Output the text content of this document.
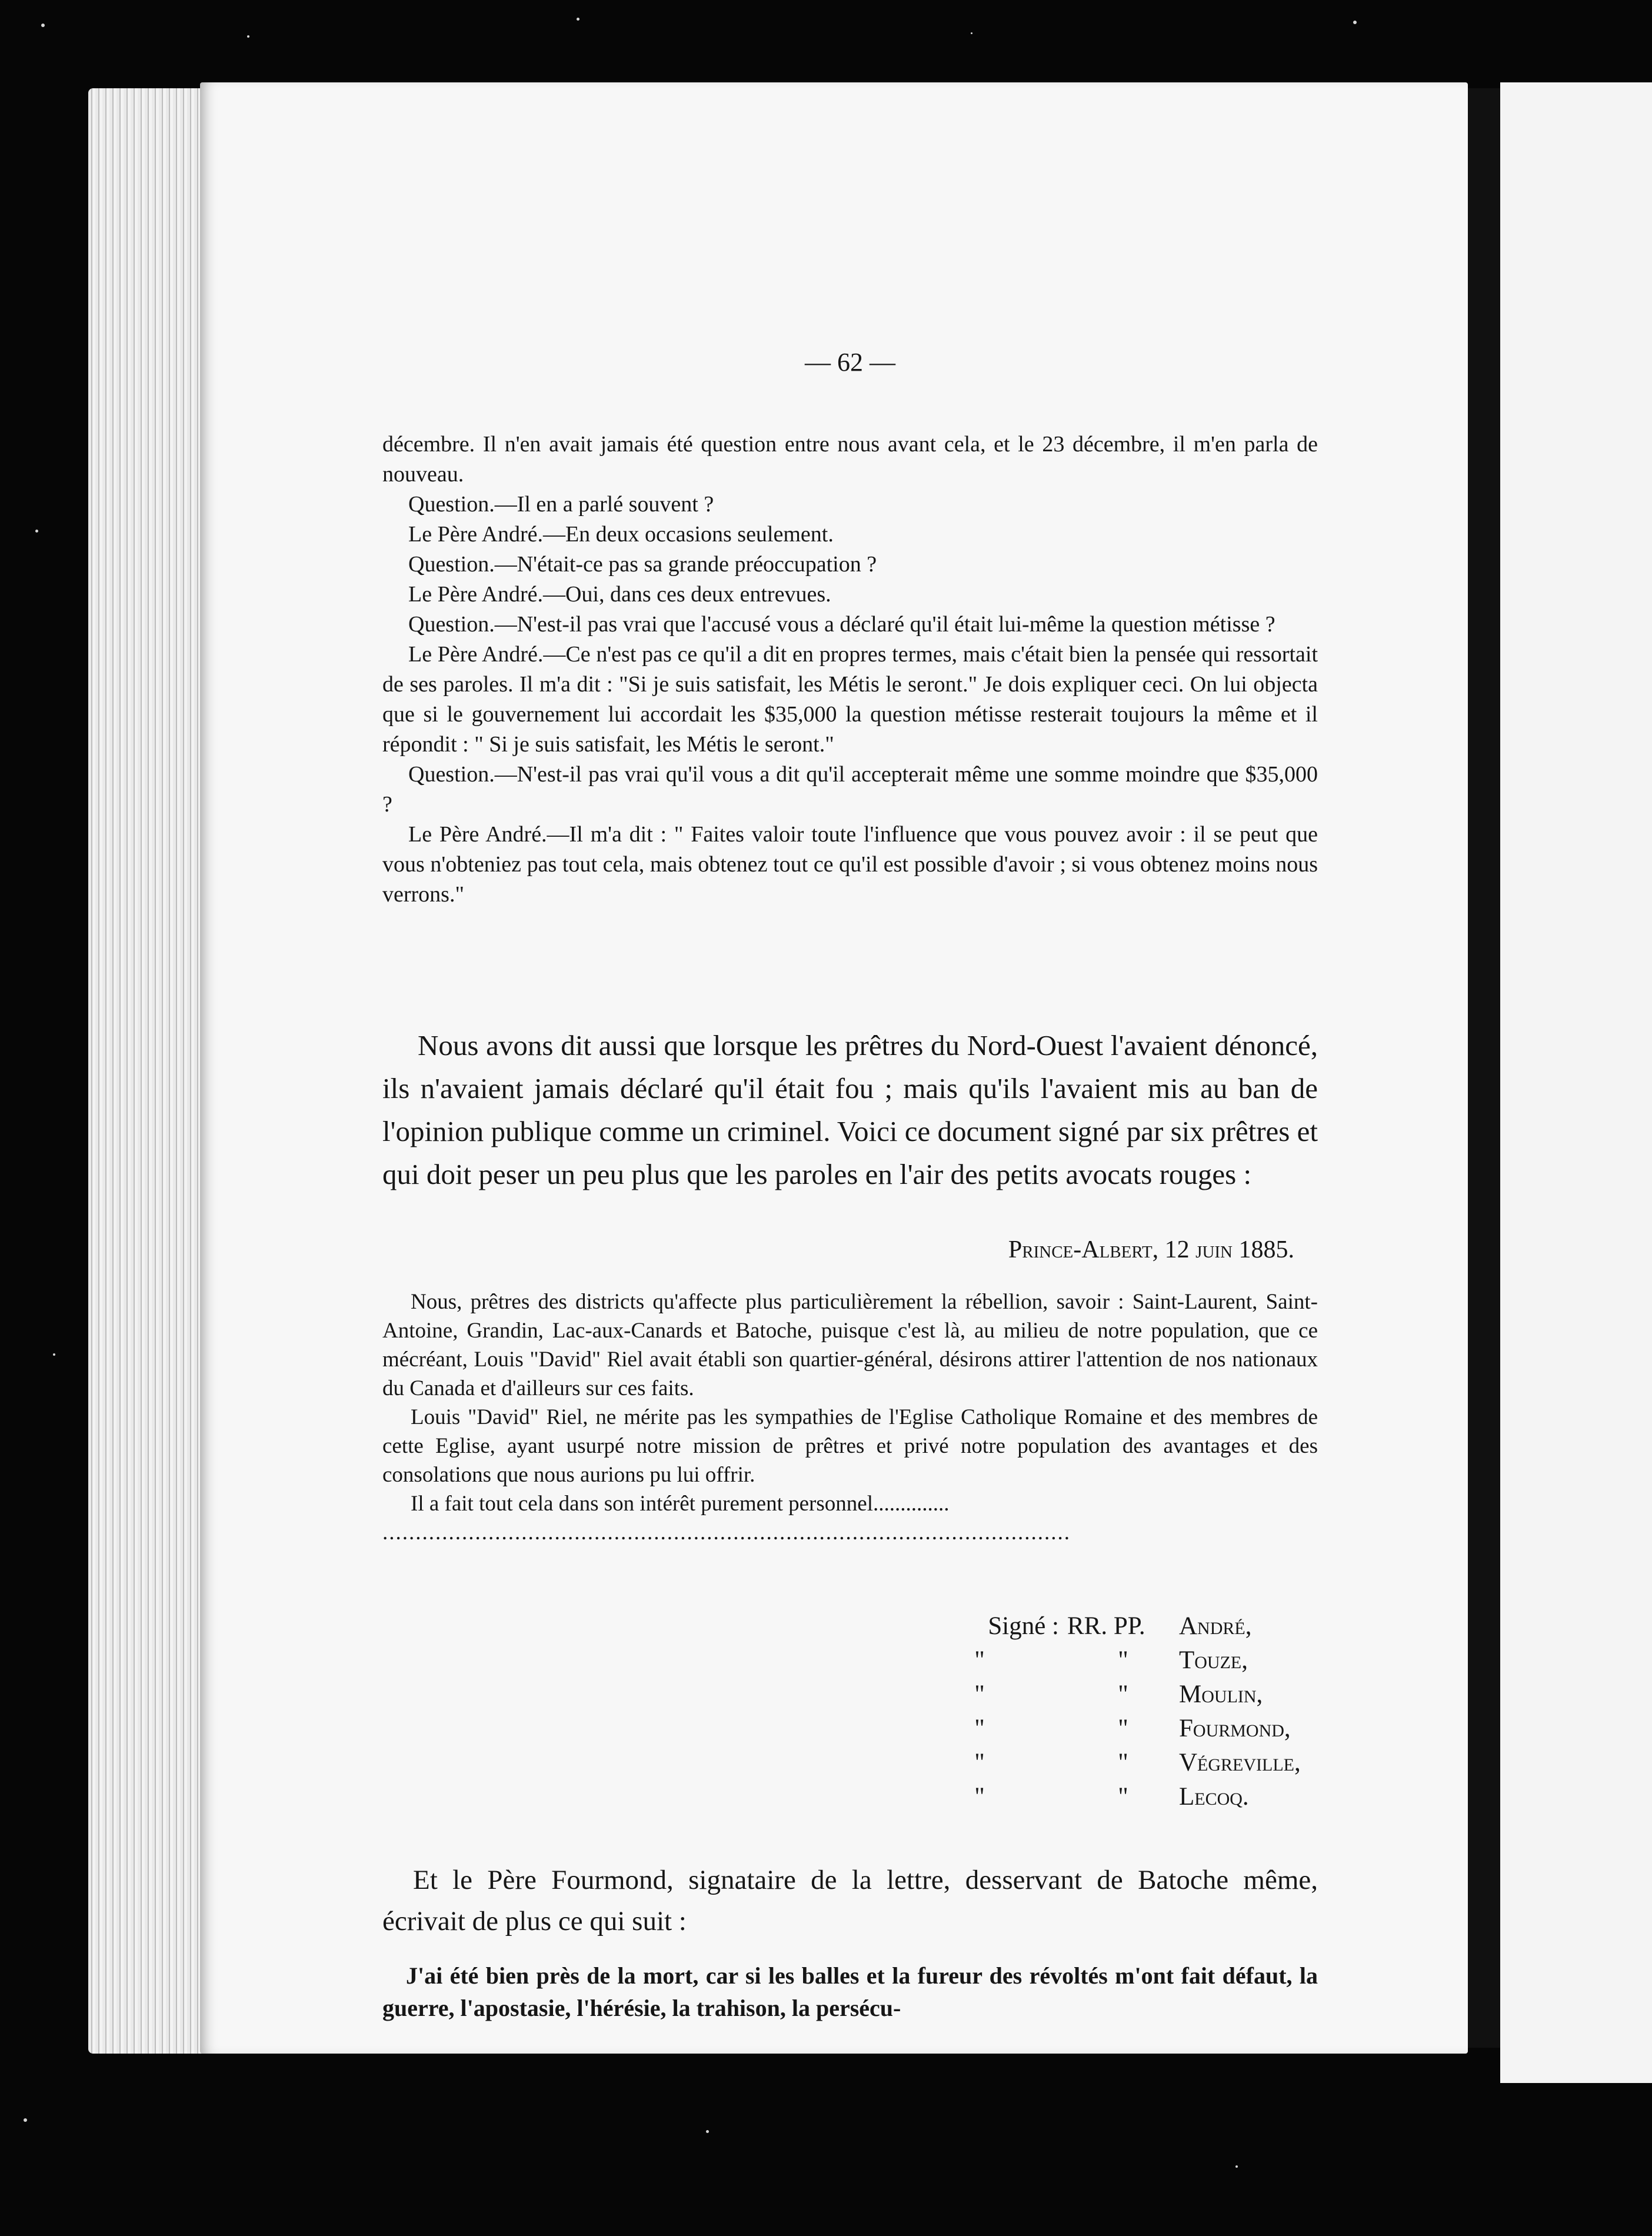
— 62 —

décembre. Il n'en avait jamais été question entre nous avant cela, et le 23 décembre, il m'en parla de nouveau.

Question.—Il en a parlé souvent ?

Le Père André.—En deux occasions seulement.

Question.—N'était-ce pas sa grande préoccupation ?

Le Père André.—Oui, dans ces deux entrevues.

Question.—N'est-il pas vrai que l'accusé vous a déclaré qu'il était lui-même la question métisse ?

Le Père André.—Ce n'est pas ce qu'il a dit en propres termes, mais c'était bien la pensée qui ressortait de ses paroles. Il m'a dit : "Si je suis satisfait, les Métis le seront." Je dois expliquer ceci. On lui objecta que si le gouvernement lui accordait les $35,000 la question métisse resterait toujours la même et il répondit : " Si je suis satisfait, les Métis le seront."

Question.—N'est-il pas vrai qu'il vous a dit qu'il accepterait même une somme moindre que $35,000 ?

Le Père André.—Il m'a dit : " Faites valoir toute l'influence que vous pouvez avoir : il se peut que vous n'obteniez pas tout cela, mais obtenez tout ce qu'il est possible d'avoir ; si vous obtenez moins nous verrons."

Nous avons dit aussi que lorsque les prêtres du Nord-Ouest l'avaient dénoncé, ils n'avaient jamais déclaré qu'il était fou ; mais qu'ils l'avaient mis au ban de l'opinion publique comme un criminel. Voici ce document signé par six prêtres et qui doit peser un peu plus que les paroles en l'air des petits avocats rouges :

Prince-Albert, 12 juin 1885.

Nous, prêtres des districts qu'affecte plus particulièrement la rébellion, savoir : Saint-Laurent, Saint-Antoine, Grandin, Lac-aux-Canards et Batoche, puisque c'est là, au milieu de notre population, que ce mécréant, Louis "David" Riel avait établi son quartier-général, désirons attirer l'attention de nos nationaux du Canada et d'ailleurs sur ces faits.

Louis "David" Riel, ne mérite pas les sympathies de l'Eglise Catholique Romaine et des membres de cette Eglise, ayant usurpé notre mission de prêtres et privé notre population des avantages et des consolations que nous aurions pu lui offrir.

Il a fait tout cela dans son intérêt purement personnel..............

........................................................................................................

Signé : RR. PP.	André,
"	"	Touze,
"	"	Moulin,
"	"	Fourmond,
"	"	Végreville,
"	"	Lecoq.

Et le Père Fourmond, signataire de la lettre, desservant de Batoche même, écrivait de plus ce qui suit :

J'ai été bien près de la mort, car si les balles et la fureur des révoltés m'ont fait défaut, la guerre, l'apostasie, l'hérésie, la trahison, la persécu-
